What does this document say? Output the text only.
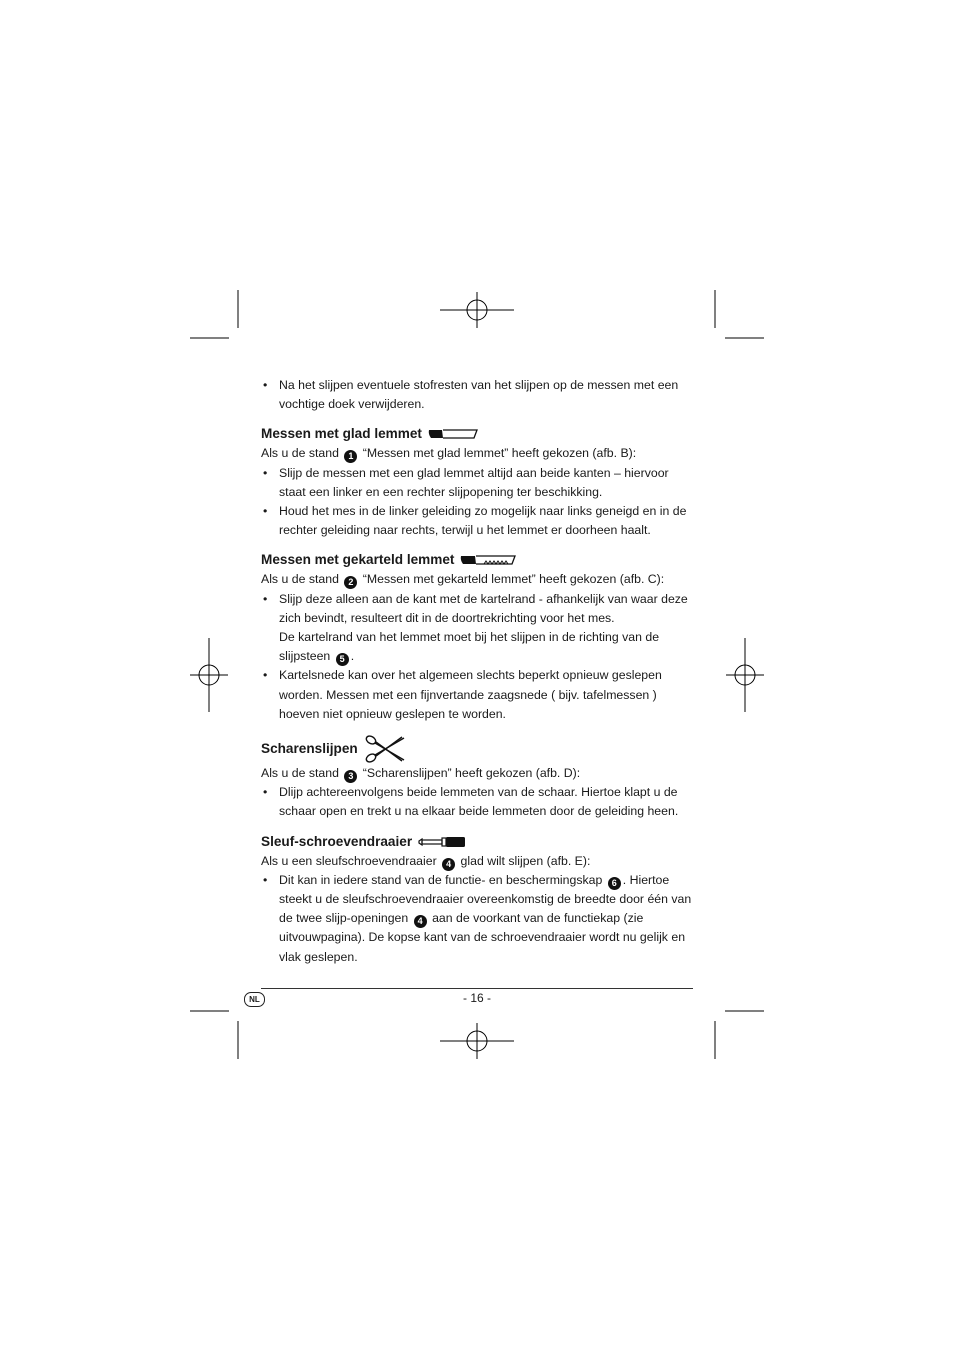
• Na het slijpen eventuele stofresten van het slijpen op de messen met een vochtige doek verwijderen.
Messen met glad lemmet

Als u de stand 1 “Messen met glad lemmet” heeft gekozen (afb. B):

• Slijp de messen met een glad lemmet altijd aan beide kanten – hiervoor staat een linker en een rechter slijpopening ter beschikking.
• Houd het mes in de linker geleiding zo mogelijk naar links geneigd en in de rechter geleiding naar rechts, terwijl u het lemmet er doorheen haalt.
Messen met gekarteld lemmet

Als u de stand 2 “Messen met gekarteld lemmet” heeft gekozen (afb. C):

• Slijp deze alleen aan de kant met de kartelrand - afhankelijk van waar deze zich bevindt, resulteert dit in de doortrekrichting voor het mes.
De kartelrand van het lemmet moet bij het slijpen in de richting van de slijpsteen 5 .
• Kartelsnede kan over het algemeen slechts beperkt opnieuw geslepen worden. Messen met een fijnvertande zaagsnede ( bijv. tafelmessen ) hoeven niet opnieuw geslepen te worden.
Scharenslijpen

Als u de stand 3 “Scharenslijpen” heeft gekozen (afb. D):

• Dlijp achtereenvolgens beide lemmeten van de schaar. Hiertoe klapt u de schaar open en trekt u na elkaar beide lemmeten door de geleiding heen.
Sleuf-schroevendraaier

Als u een sleufschroevendraaier 4 glad wilt slijpen (afb. E):

• Dit kan in iedere stand van de functie- en beschermingskap 6 . Hiertoe steekt u de sleufschroevendraaier overeenkomstig de breedte door één van de twee slijp-openingen 4 aan de voorkant van de functiekap (zie uitvouwpagina). De kopse kant van de schroevendraaier wordt nu gelijk en vlak geslepen.
NL	- 16 -
